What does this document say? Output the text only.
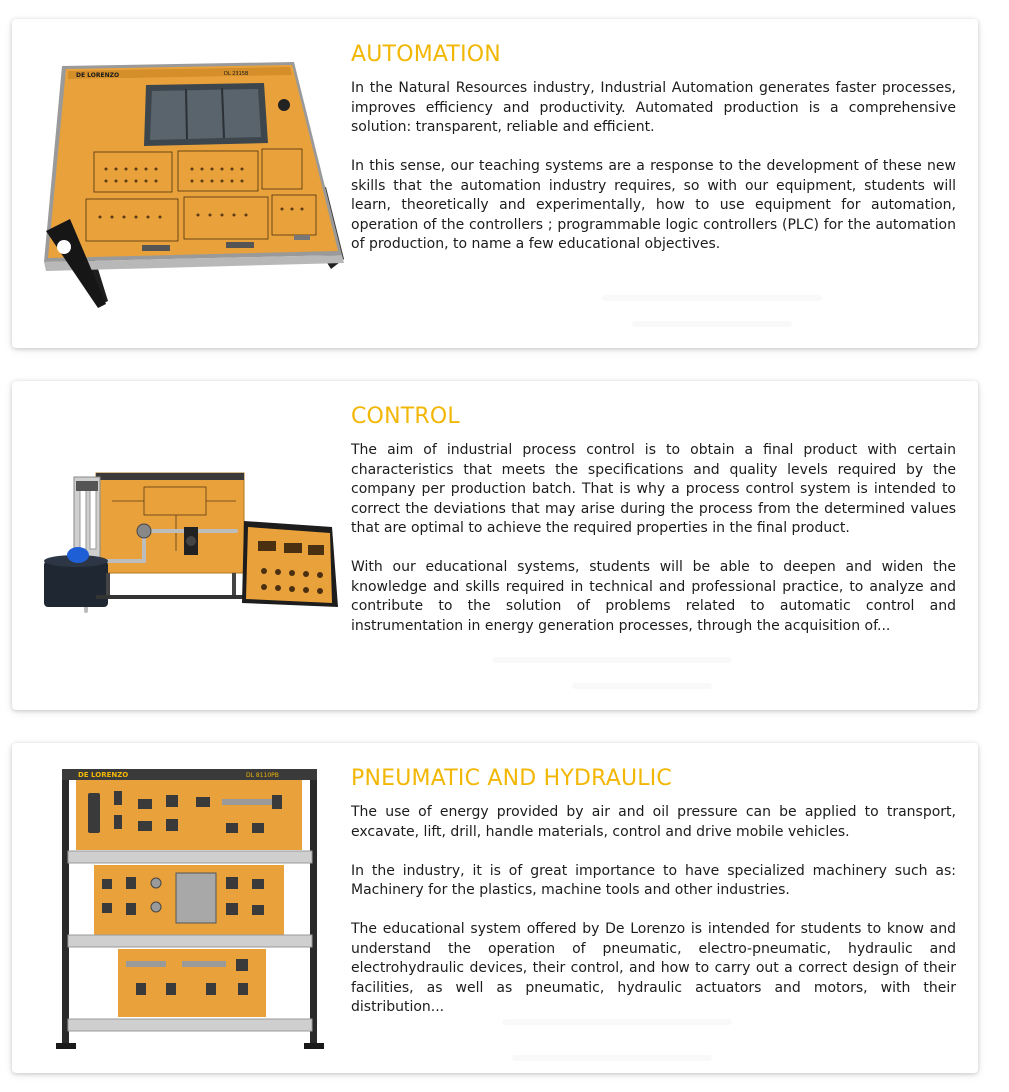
DE LORENZO	DL 2315B
AUTOMATION

In the Natural Resources industry, Industrial Automation generates faster processes, improves efficiency and productivity. Automated production is a comprehensive solution: transparent, reliable and efficient.

In this sense, our teaching systems are a response to the development of these new skills that the automation industry requires, so with our equipment, students will learn, theoretically and experimentally, how to use equipment for automation, operation of the controllers ; programmable logic controllers (PLC) for the automation of production, to name a few educational objectives.

CONTROL

The aim of industrial process control is to obtain a final product with certain characteristics that meets the specifications and quality levels required by the company per production batch. That is why a process control system is intended to correct the deviations that may arise during the process from the determined values that are optimal to achieve the required properties in the final product.

With our educational systems, students will be able to deepen and widen the knowledge and skills required in technical and professional practice, to analyze and contribute to the solution of problems related to automatic control and instrumentation in energy generation processes, through the acquisition of...

DE LORENZO	DL 8110PB	PNEUMATIC AND HYDRAULIC

The use of energy provided by air and oil pressure can be applied to transport, excavate, lift, drill, handle materials, control and drive mobile vehicles.

In the industry, it is of great importance to have specialized machinery such as: Machinery for the plastics, machine tools and other industries.

The educational system offered by De Lorenzo is intended for students to know and understand the operation of pneumatic, electro-pneumatic, hydraulic and electrohydraulic devices, their control, and how to carry out a correct design of their facilities, as well as pneumatic, hydraulic actuators and motors, with their distribution...
